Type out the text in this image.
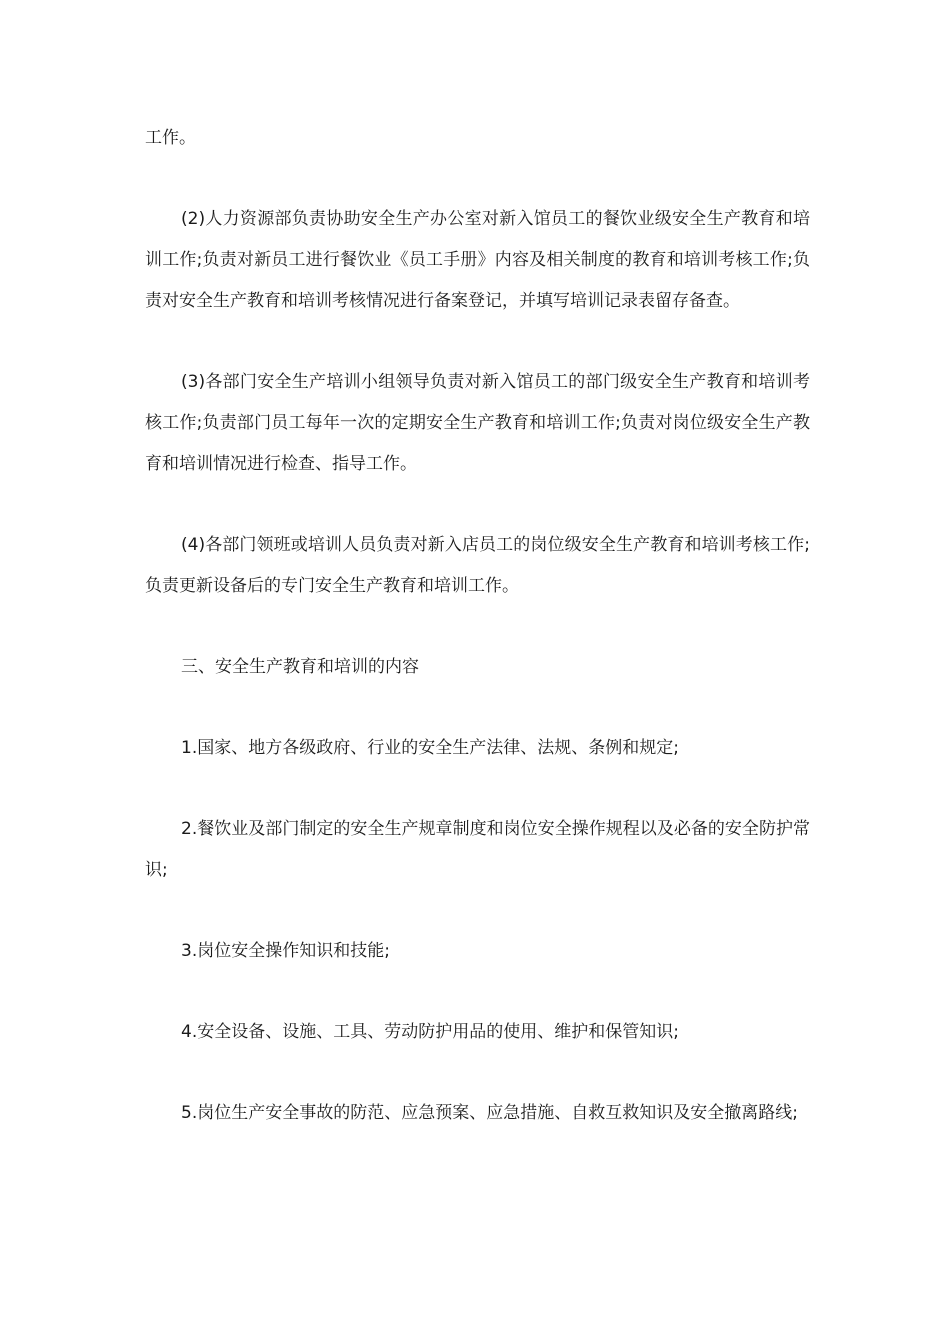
工作。

(2)人力资源部负责协助安全生产办公室对新入馆员工的餐饮业级安全生产教育和培训工作;负责对新员工进行餐饮业《员工手册》内容及相关制度的教育和培训考核工作;负责对安全生产教育和培训考核情况进行备案登记，并填写培训记录表留存备查。

(3)各部门安全生产培训小组领导负责对新入馆员工的部门级安全生产教育和培训考核工作;负责部门员工每年一次的定期安全生产教育和培训工作;负责对岗位级安全生产教育和培训情况进行检查、指导工作。

(4)各部门领班或培训人员负责对新入店员工的岗位级安全生产教育和培训考核工作;负责更新设备后的专门安全生产教育和培训工作。

三、安全生产教育和培训的内容

1.国家、地方各级政府、行业的安全生产法律、法规、条例和规定;

2.餐饮业及部门制定的安全生产规章制度和岗位安全操作规程以及必备的安全防护常识;

3.岗位安全操作知识和技能;

4.安全设备、设施、工具、劳动防护用品的使用、维护和保管知识;

5.岗位生产安全事故的防范、应急预案、应急措施、自救互救知识及安全撤离路线;
